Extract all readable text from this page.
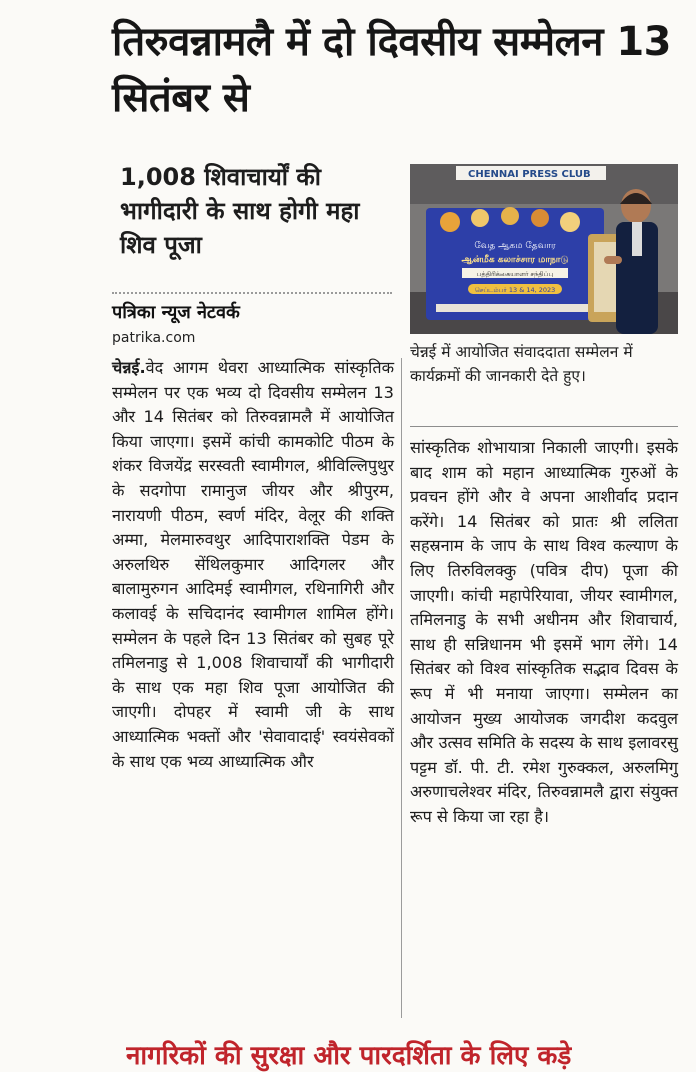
तिरुवन्नामलै में दो दिवसीय सम्मेलन 13 सितंबर से
1,008 शिवाचार्यों की भागीदारी के साथ होगी महा शिव पूजा
पत्रिका न्यूज नेटवर्क
patrika.com

चेन्नई.वेद आगम थेवरा आध्यात्मिक सांस्कृतिक सम्मेलन पर एक भव्य दो दिवसीय सम्मेलन 13 और 14 सितंबर को तिरुवन्नामलै में आयोजित किया जाएगा। इसमें कांची कामकोटि पीठम के शंकर विजयेंद्र सरस्वती स्वामीगल, श्रीविल्लिपुथुर के सदगोपा रामानुज जीयर और श्रीपुरम, नारायणी पीठम, स्वर्ण मंदिर, वेलूर की शक्ति अम्मा, मेलमारुवथुर आदिपाराशक्ति पेडम के अरुलथिरु सेंथिलकुमार आदिगलर और बालामुरुगन आदिमई स्वामीगल, रथिनागिरी और कलावई के सचिदानंद स्वामीगल शामिल होंगे। सम्मेलन के पहले दिन 13 सितंबर को सुबह पूरे तमिलनाडु से 1,008 शिवाचार्यों की भागीदारी के साथ एक महा शिव पूजा आयोजित की जाएगी। दोपहर में स्वामी जी के साथ आध्यात्मिक भक्तों और 'सेवावादाई' स्वयंसेवकों के साथ एक भव्य आध्यात्मिक और

CHENNAI PRESS CLUB
வேத ஆகம தேவார
ஆன்மீக கலாச்சார மாநாடு
பத்திரிக்கையாளர் சந்திப்பு
செப்டம்பர் 13 & 14, 2023

चेन्नई में आयोजित संवाददाता सम्मेलन में कार्यक्रमों की जानकारी देते हुए।

सांस्कृतिक शोभायात्रा निकाली जाएगी। इसके बाद शाम को महान आध्यात्मिक गुरुओं के प्रवचन होंगे और वे अपना आशीर्वाद प्रदान करेंगे। 14 सितंबर को प्रातः श्री ललिता सहस्रनाम के जाप के साथ विश्व कल्याण के लिए तिरुविलक्कु (पवित्र दीप) पूजा की जाएगी। कांची महापेरियावा, जीयर स्वामीगल, तमिलनाडु के सभी अधीनम और शिवाचार्य, साथ ही सन्निधानम भी इसमें भाग लेंगे। 14 सितंबर को विश्व सांस्कृतिक सद्भाव दिवस के रूप में भी मनाया जाएगा। सम्मेलन का आयोजन मुख्य आयोजक जगदीश कदवुल और उत्सव समिति के सदस्य के साथ इलावरसु पट्टम डॉ. पी. टी. रमेश गुरुक्कल, अरुलमिगु अरुणाचलेश्वर मंदिर, तिरुवन्नामलै द्वारा संयुक्त रूप से किया जा रहा है।

नागरिकों की सुरक्षा और पारदर्शिता के लिए कड़े
